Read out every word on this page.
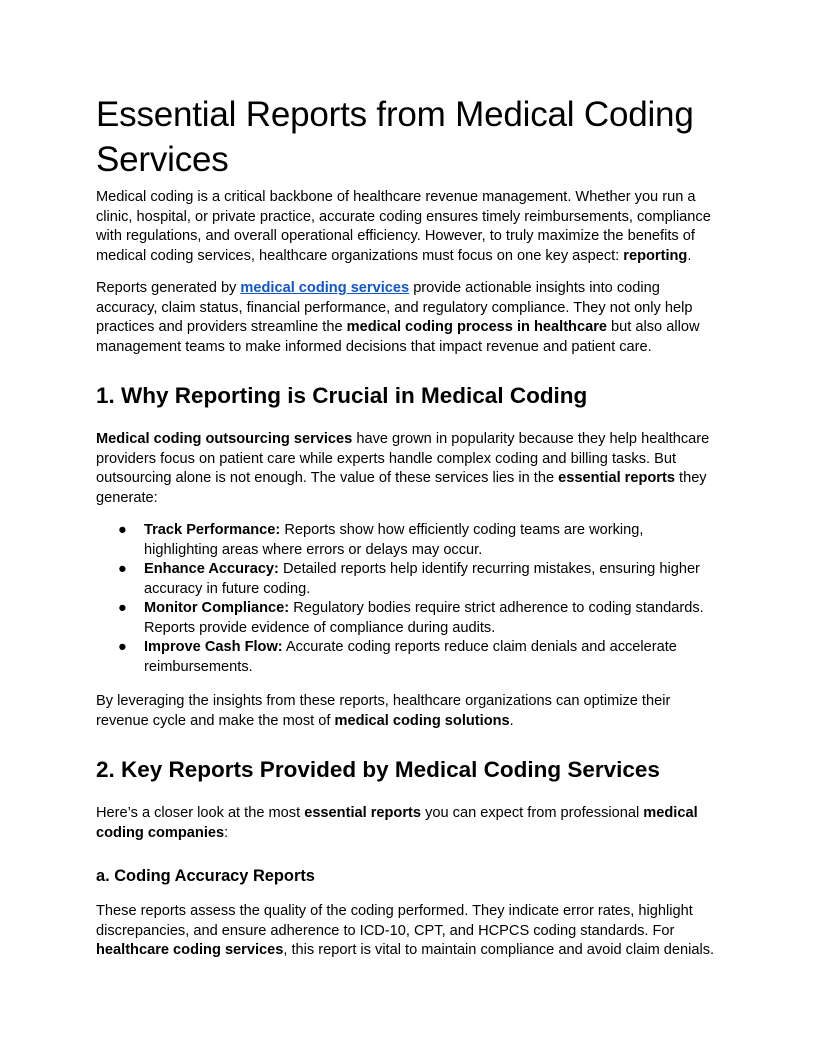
Essential Reports from Medical Coding Services

Medical coding is a critical backbone of healthcare revenue management. Whether you run a clinic, hospital, or private practice, accurate coding ensures timely reimbursements, compliance with regulations, and overall operational efficiency. However, to truly maximize the benefits of medical coding services, healthcare organizations must focus on one key aspect: reporting.

Reports generated by medical coding services provide actionable insights into coding accuracy, claim status, financial performance, and regulatory compliance. They not only help practices and providers streamline the medical coding process in healthcare but also allow management teams to make informed decisions that impact revenue and patient care.

1. Why Reporting is Crucial in Medical Coding

Medical coding outsourcing services have grown in popularity because they help healthcare providers focus on patient care while experts handle complex coding and billing tasks. But outsourcing alone is not enough. The value of these services lies in the essential reports they generate:

● Track Performance: Reports show how efficiently coding teams are working, highlighting areas where errors or delays may occur.
● Enhance Accuracy: Detailed reports help identify recurring mistakes, ensuring higher accuracy in future coding.
● Monitor Compliance: Regulatory bodies require strict adherence to coding standards. Reports provide evidence of compliance during audits.
● Improve Cash Flow: Accurate coding reports reduce claim denials and accelerate reimbursements.

By leveraging the insights from these reports, healthcare organizations can optimize their revenue cycle and make the most of medical coding solutions.

2. Key Reports Provided by Medical Coding Services

Here’s a closer look at the most essential reports you can expect from professional medical coding companies:

a. Coding Accuracy Reports

These reports assess the quality of the coding performed. They indicate error rates, highlight discrepancies, and ensure adherence to ICD-10, CPT, and HCPCS coding standards. For healthcare coding services, this report is vital to maintain compliance and avoid claim denials.
